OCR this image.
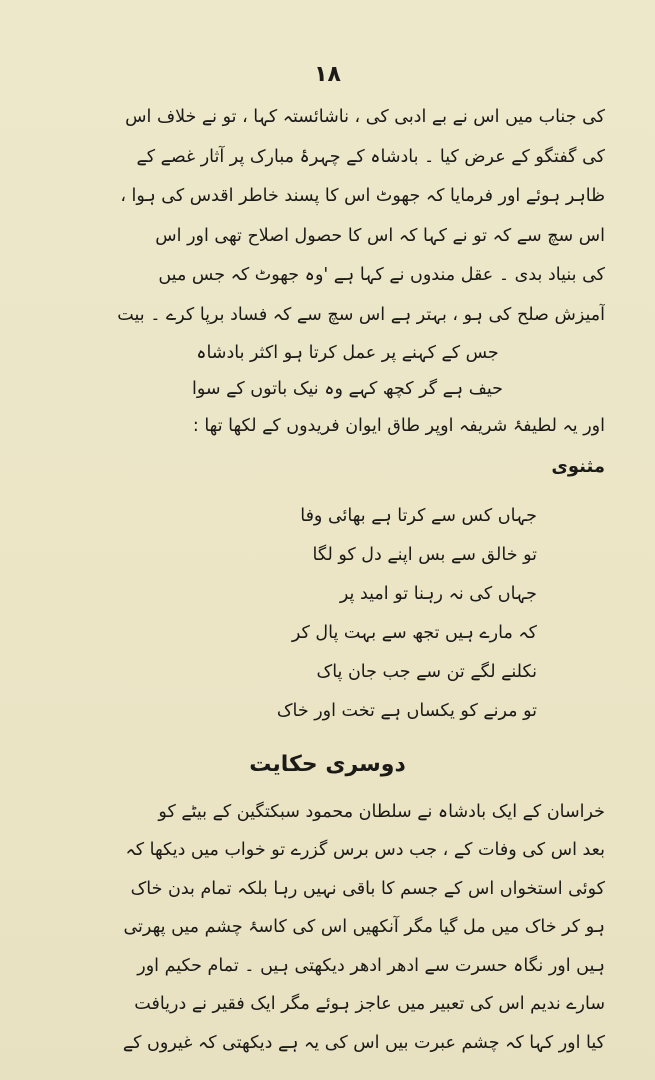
۱۸
کی جناب میں اس نے بے ادبی کی ، ناشائستہ کہا ، تو نے خلاف اس
کی گفتگو کے عرض کیا ۔ بادشاہ کے چہرۂ مبارک پر آثار غصے کے
ظاہر ہوئے اور فرمایا کہ جھوٹ اس کا پسند خاطر اقدس کی ہوا ،
اس سچ سے کہ تو نے کہا کہ اس کا حصول اصلاح تھی اور اس
کی بنیاد بدی ۔ عقل مندوں نے کہا ہے 'وہ جھوٹ کہ جس میں
آمیزش صلح کی ہو ، بہتر ہے اس سچ سے کہ فساد برپا کرے ۔ بیت
جس کے کہنے پر عمل کرتا ہو اکثر بادشاہ
حیف ہے گر کچھ کہے وہ نیک باتوں کے سوا
اور یہ لطیفۂ شریفہ اوپر طاق ایوان فریدوں کے لکھا تھا :
مثنوی
جہاں کس سے کرتا ہے بھائی وفا
تو خالق سے بس اپنے دل کو لگا
جہاں کی نہ رہنا تو امید پر
کہ مارے ہیں تجھ سے بہت پال کر
نکلنے لگے تن سے جب جان پاک
تو مرنے کو یکساں ہے تخت اور خاک
دوسری حکایت
خراسان کے ایک بادشاہ نے سلطان محمود سبکتگین کے بیٹے کو
بعد اس کی وفات کے ، جب دس برس گزرے تو خواب میں دیکھا کہ
کوئی استخواں اس کے جسم کا باقی نہیں رہا بلکہ تمام بدن خاک
ہو کر خاک میں مل گیا مگر آنکھیں اس کی کاسۂ چشم میں پھرتی
ہیں اور نگاہ حسرت سے ادھر ادھر دیکھتی ہیں ۔ تمام حکیم اور
سارے ندیم اس کی تعبیر میں عاجز ہوئے مگر ایک فقیر نے دریافت
کیا اور کہا کہ چشم عبرت بیں اس کی یہ ہے دیکھتی کہ غیروں کے
